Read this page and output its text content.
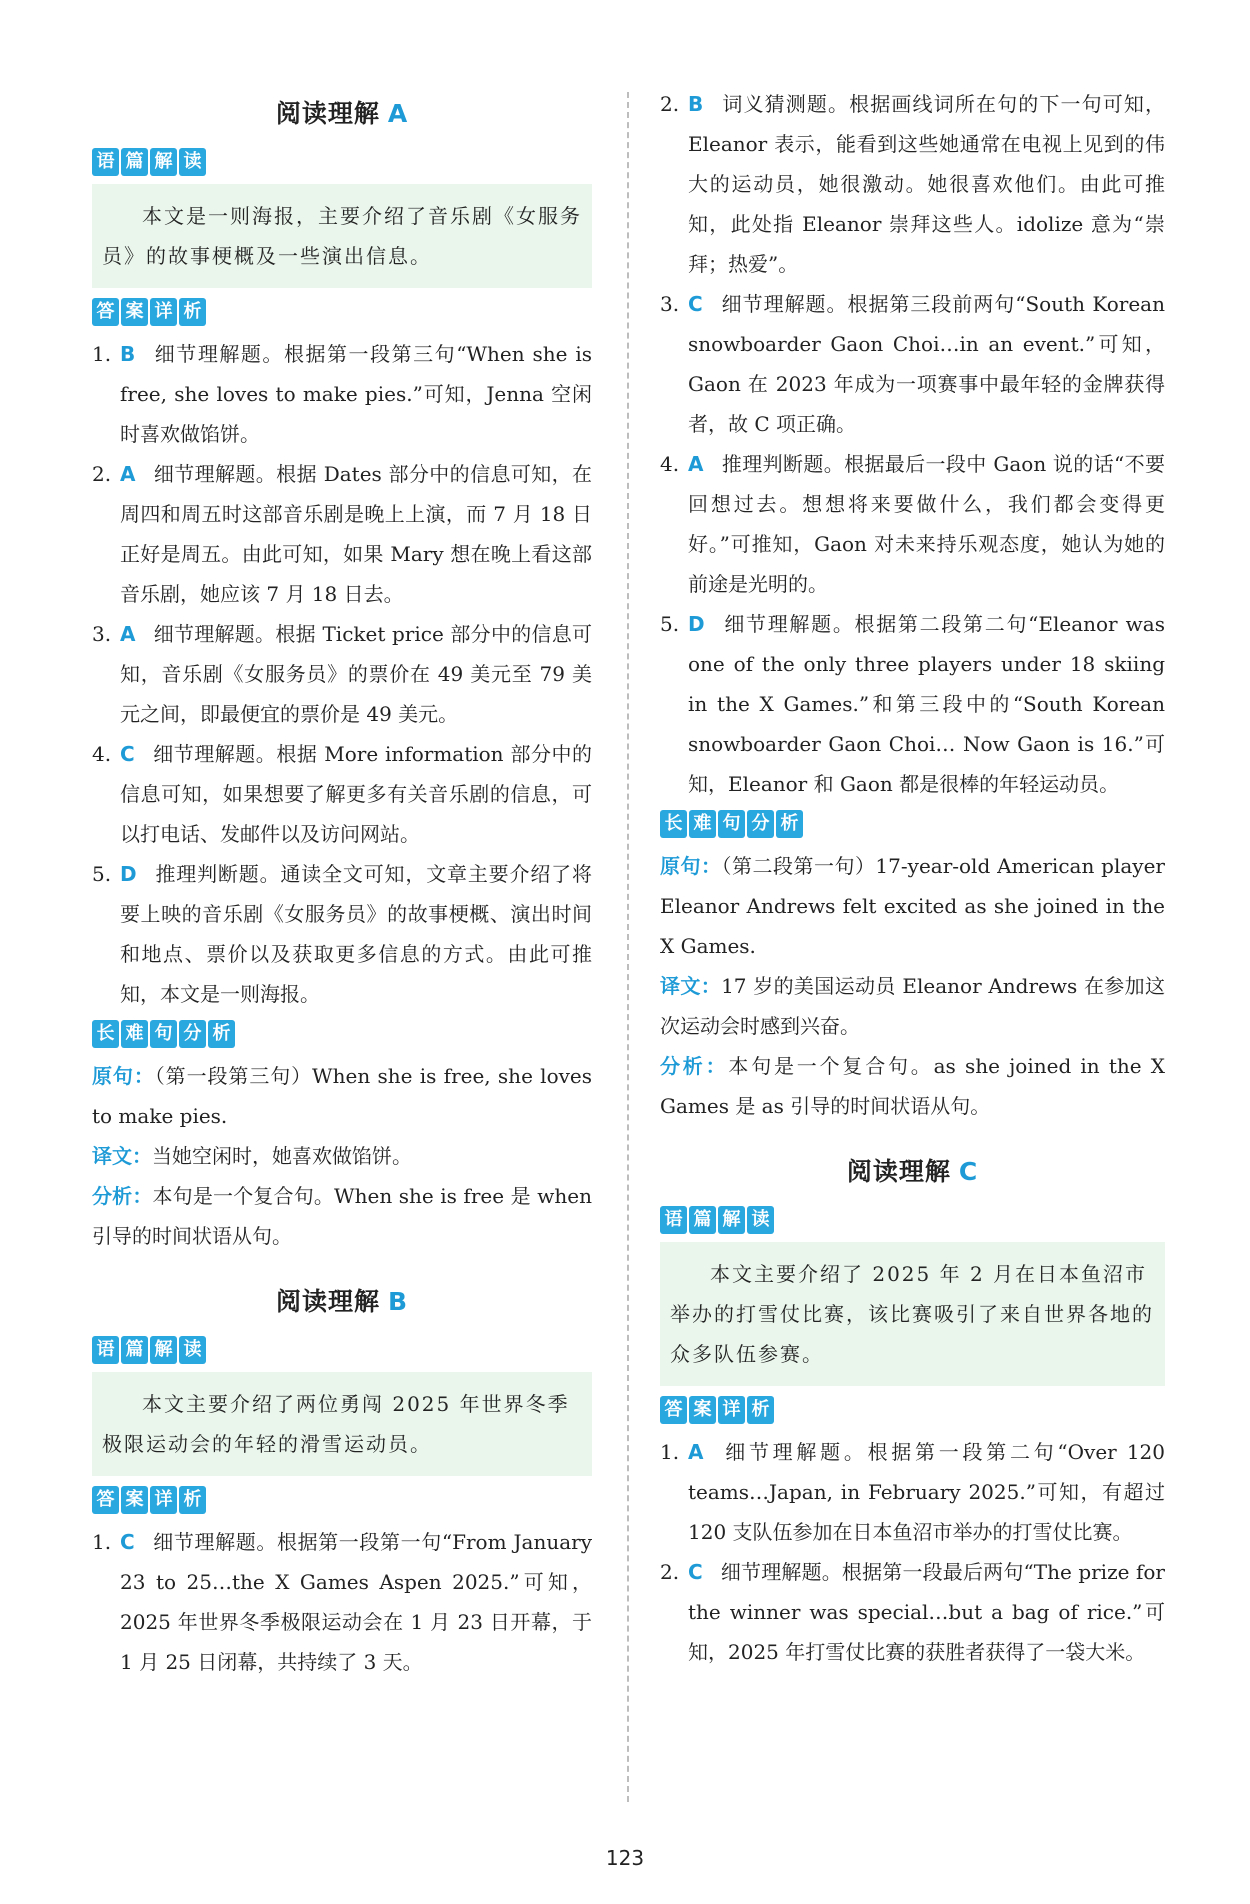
阅读理解 A
语 篇 解 读
本文是一则海报，主要介绍了音乐剧《女服务员》的故事梗概及一些演出信息。
答 案 详 析
1. B 细节理解题。根据第一段第三句“When she is free, she loves to make pies.”可知，Jenna 空闲时喜欢做馅饼。
2. A 细节理解题。根据 Dates 部分中的信息可知，在周四和周五时这部音乐剧是晚上上演，而 7 月 18 日正好是周五。由此可知，如果 Mary 想在晚上看这部音乐剧，她应该 7 月 18 日去。
3. A 细节理解题。根据 Ticket price 部分中的信息可知，音乐剧《女服务员》的票价在 49 美元至 79 美元之间，即最便宜的票价是 49 美元。
4. C 细节理解题。根据 More information 部分中的信息可知，如果想要了解更多有关音乐剧的信息，可以打电话、发邮件以及访问网站。
5. D 推理判断题。通读全文可知，文章主要介绍了将要上映的音乐剧《女服务员》的故事梗概、演出时间和地点、票价以及获取更多信息的方式。由此可推知，本文是一则海报。
长 难 句 分 析
原句：（第一段第三句）When she is free, she loves to make pies.
译文：当她空闲时，她喜欢做馅饼。
分析：本句是一个复合句。When she is free 是 when 引导的时间状语从句。
阅读理解 B
语 篇 解 读
本文主要介绍了两位勇闯 2025 年世界冬季极限运动会的年轻的滑雪运动员。
答 案 详 析
1. C 细节理解题。根据第一段第一句“From January 23 to 25…the X Games Aspen 2025.”可知，2025 年世界冬季极限运动会在 1 月 23 日开幕，于 1 月 25 日闭幕，共持续了 3 天。
2. B 词义猜测题。根据画线词所在句的下一句可知，Eleanor 表示，能看到这些她通常在电视上见到的伟大的运动员，她很激动。她很喜欢他们。由此可推知，此处指 Eleanor 崇拜这些人。idolize 意为“崇拜；热爱”。
3. C 细节理解题。根据第三段前两句“South Korean snowboarder Gaon Choi…in an event.”可知，Gaon 在 2023 年成为一项赛事中最年轻的金牌获得者，故 C 项正确。
4. A 推理判断题。根据最后一段中 Gaon 说的话“不要回想过去。想想将来要做什么，我们都会变得更好。”可推知，Gaon 对未来持乐观态度，她认为她的前途是光明的。
5. D 细节理解题。根据第二段第二句“Eleanor was one of the only three players under 18 skiing in the X Games.”和第三段中的“South Korean snowboarder Gaon Choi… Now Gaon is 16.”可知，Eleanor 和 Gaon 都是很棒的年轻运动员。
长 难 句 分 析
原句：（第二段第一句）17-year-old American player Eleanor Andrews felt excited as she joined in the X Games.
译文：17 岁的美国运动员 Eleanor Andrews 在参加这次运动会时感到兴奋。
分析：本句是一个复合句。as she joined in the X Games 是 as 引导的时间状语从句。
阅读理解 C
语 篇 解 读
本文主要介绍了 2025 年 2 月在日本鱼沼市举办的打雪仗比赛，该比赛吸引了来自世界各地的众多队伍参赛。
答 案 详 析
1. A 细节理解题。根据第一段第二句“Over 120 teams…Japan, in February 2025.”可知，有超过 120 支队伍参加在日本鱼沼市举办的打雪仗比赛。
2. C 细节理解题。根据第一段最后两句“The prize for the winner was special…but a bag of rice.”可知，2025 年打雪仗比赛的获胜者获得了一袋大米。
123
